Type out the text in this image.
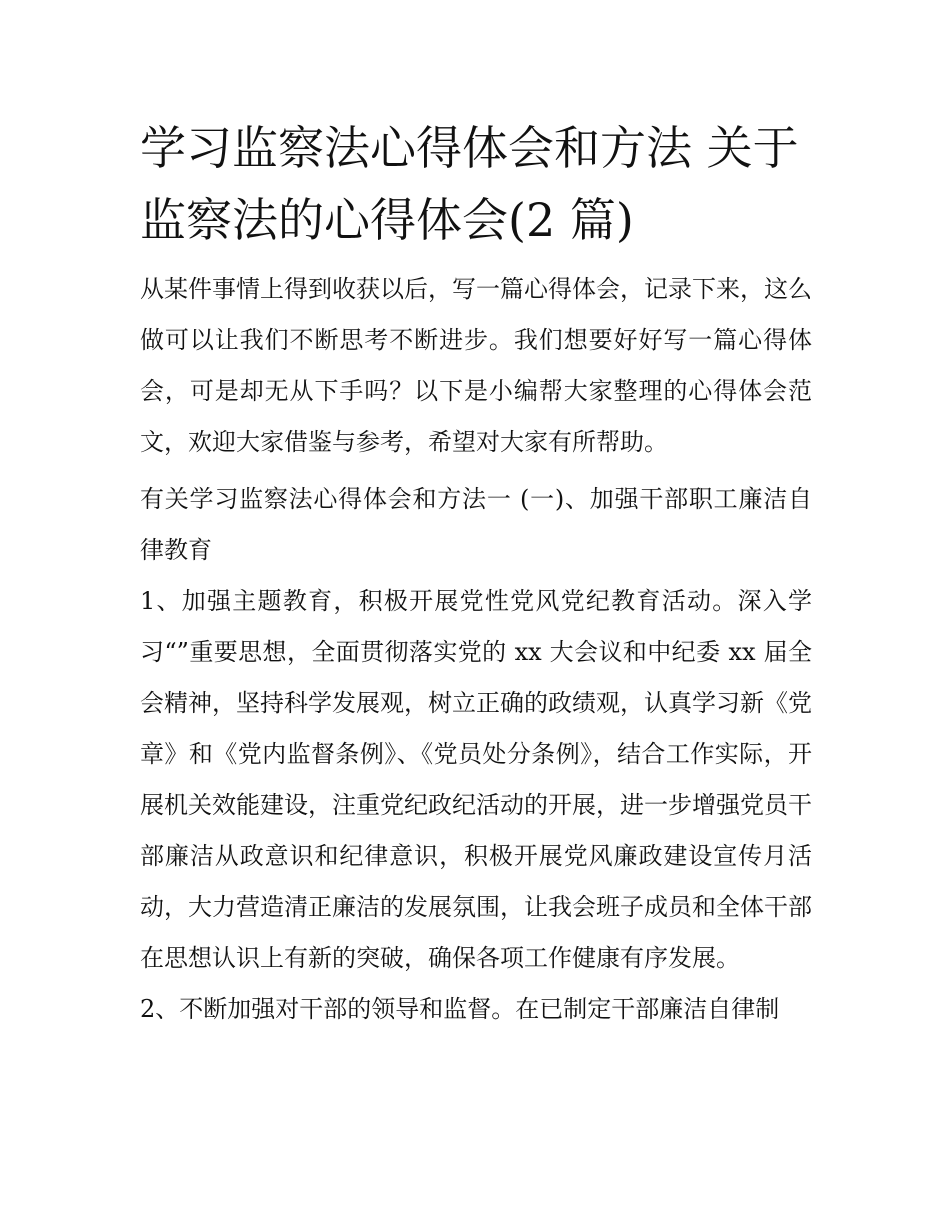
学习监察法心得体会和方法 关于监察法的心得体会(2 篇)

从某件事情上得到收获以后，写一篇心得体会，记录下来，这么做可以让我们不断思考不断进步。我们想要好好写一篇心得体会，可是却无从下手吗？以下是小编帮大家整理的心得体会范文，欢迎大家借鉴与参考，希望对大家有所帮助。

有关学习监察法心得体会和方法一 (一)、加强干部职工廉洁自律教育

1、加强主题教育，积极开展党性党风党纪教育活动。深入学习“”重要思想，全面贯彻落实党的 xx 大会议和中纪委 xx 届全会精神，坚持科学发展观，树立正确的政绩观，认真学习新《党章》和《党内监督条例》、《党员处分条例》，结合工作实际，开展机关效能建设，注重党纪政纪活动的开展，进一步增强党员干部廉洁从政意识和纪律意识，积极开展党风廉政建设宣传月活动，大力营造清正廉洁的发展氛围，让我会班子成员和全体干部在思想认识上有新的突破，确保各项工作健康有序发展。

2、不断加强对干部的领导和监督。在已制定干部廉洁自律制
